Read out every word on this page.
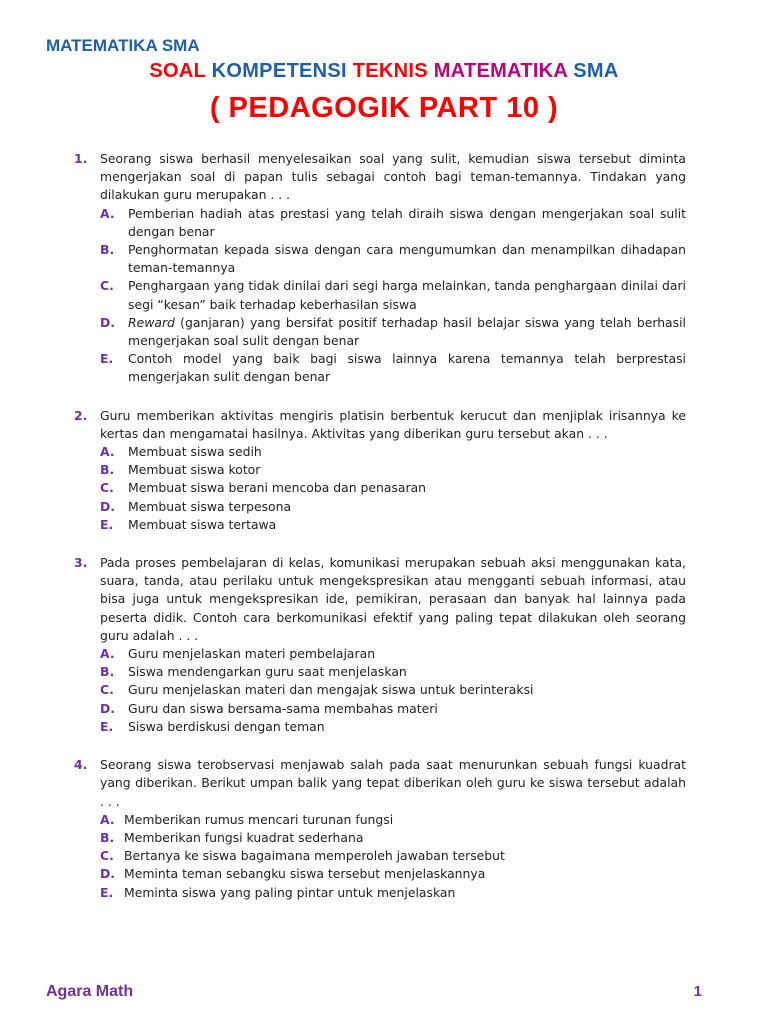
MATEMATIKA SMA
SOAL KOMPETENSI TEKNIS MATEMATIKA SMA
( PEDAGOGIK PART 10 )
1. Seorang siswa berhasil menyelesaikan soal yang sulit, kemudian siswa tersebut diminta mengerjakan soal di papan tulis sebagai contoh bagi teman-temannya. Tindakan yang dilakukan guru merupakan . . .
A. Pemberian hadiah atas prestasi yang telah diraih siswa dengan mengerjakan soal sulit dengan benar
B. Penghormatan kepada siswa dengan cara mengumumkan dan menampilkan dihadapan teman-temannya
C. Penghargaan yang tidak dinilai dari segi harga melainkan, tanda penghargaan dinilai dari segi “kesan” baik terhadap keberhasilan siswa
D. Reward (ganjaran) yang bersifat positif terhadap hasil belajar siswa yang telah berhasil mengerjakan soal sulit dengan benar
E. Contoh model yang baik bagi siswa lainnya karena temannya telah berprestasi mengerjakan sulit dengan benar
2. Guru memberikan aktivitas mengiris platisin berbentuk kerucut dan menjiplak irisannya ke kertas dan mengamatai hasilnya. Aktivitas yang diberikan guru tersebut akan . . .
A. Membuat siswa sedih
B. Membuat siswa kotor
C. Membuat siswa berani mencoba dan penasaran
D. Membuat siswa terpesona
E. Membuat siswa tertawa
3. Pada proses pembelajaran di kelas, komunikasi merupakan sebuah aksi menggunakan kata, suara, tanda, atau perilaku untuk mengekspresikan atau mengganti sebuah informasi, atau bisa juga untuk mengekspresikan ide, pemikiran, perasaan dan banyak hal lainnya pada peserta didik. Contoh cara berkomunikasi efektif yang paling tepat dilakukan oleh seorang guru adalah . . .
A. Guru menjelaskan materi pembelajaran
B. Siswa mendengarkan guru saat menjelaskan
C. Guru menjelaskan materi dan mengajak siswa untuk berinteraksi
D. Guru dan siswa bersama-sama membahas materi
E. Siswa berdiskusi dengan teman
4. Seorang siswa terobservasi menjawab salah pada saat menurunkan sebuah fungsi kuadrat yang diberikan. Berikut umpan balik yang tepat diberikan oleh guru ke siswa tersebut adalah . . .
A. Memberikan rumus mencari turunan fungsi
B. Memberikan fungsi kuadrat sederhana
C. Bertanya ke siswa bagaimana memperoleh jawaban tersebut
D. Meminta teman sebangku siswa tersebut menjelaskannya
E. Meminta siswa yang paling pintar untuk menjelaskan
Agara Math	1
